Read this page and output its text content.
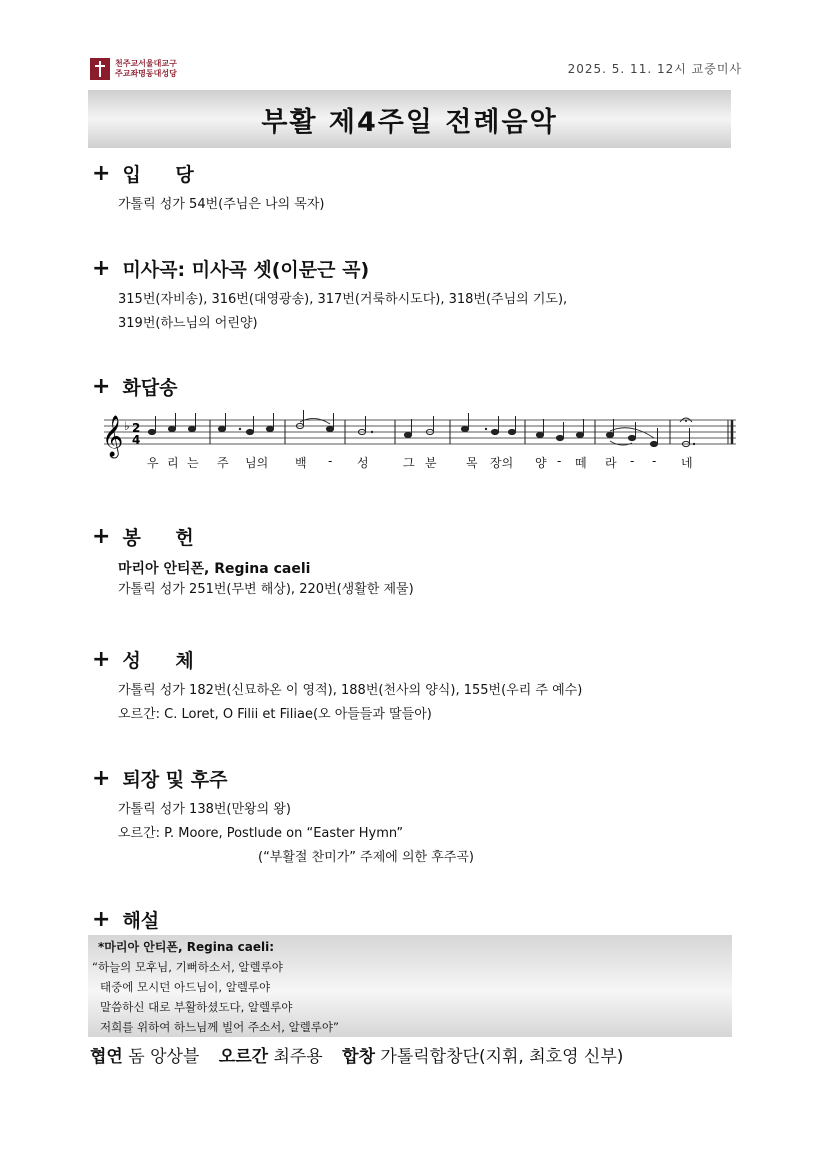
천주교서울대교구
주교좌명동대성당	2025. 5. 11. 12시 교중미사
부활 제4주일 전례음악
+ 입 당

가톨릭 성가 54번(주님은 나의 목자)

+ 미사곡: 미사곡 셋(이문근 곡)

315번(자비송), 316번(대영광송), 317번(거룩하시도다), 318번(주님의 기도),

319번(하느님의 어린양)

+ 화답송
𝄞 ♭ 2
4
우 리 는 주 님의 백 - 성	그 분 목 장의 양 - 떼 라 - - 네
+ 봉 헌

마리아 안티폰, Regina caeli

가톨릭 성가 251번(무변 해상), 220번(생활한 제물)

+ 성 체

가톨릭 성가 182번(신묘하온 이 영적), 188번(천사의 양식), 155번(우리 주 예수)

오르간: C. Loret, O Filii et Filiae(오 아들들과 딸들아)

+ 퇴장 및 후주

가톨릭 성가 138번(만왕의 왕)

오르간: P. Moore, Postlude on “Easter Hymn”

(“부활절 찬미가” 주제에 의한 후주곡)

+ 해설

*마리아 안티폰, Regina caeli:

“하늘의 모후님, 기뻐하소서, 알렐루야

태중에 모시던 아드님이, 알렐루야

말씀하신 대로 부활하셨도다, 알렐루야

저희를 위하여 하느님께 빌어 주소서, 알렐루야”

협연 돔 앙상블 오르간 최주용 합창 가톨릭합창단(지휘, 최호영 신부)
